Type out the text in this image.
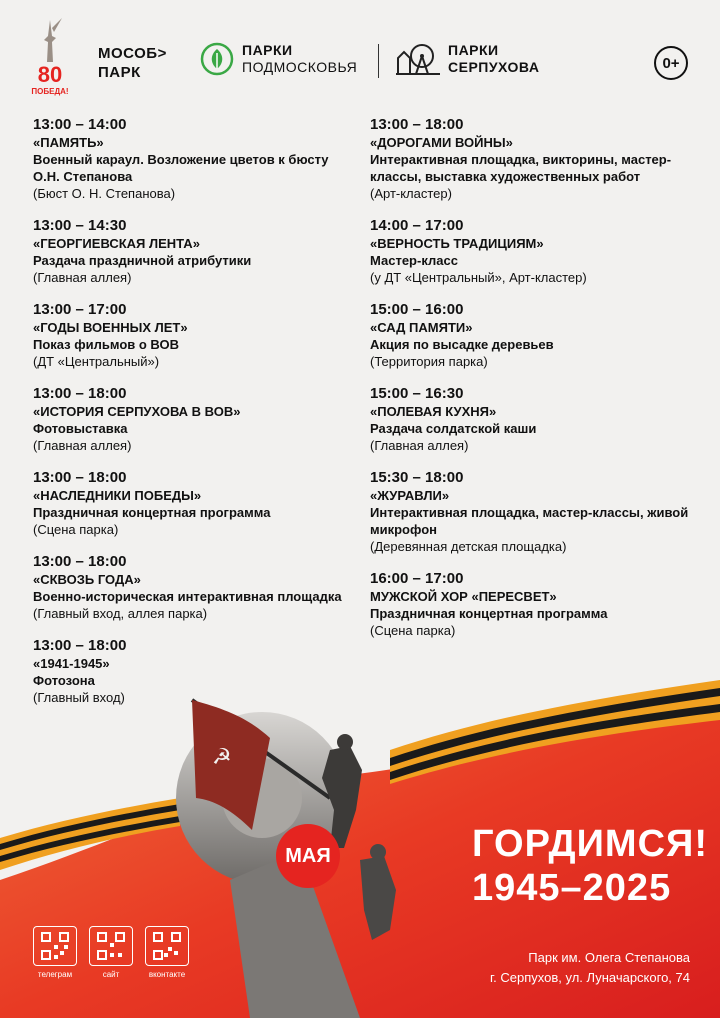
80
ПОБЕДА!
МОСОБ>
ПАРК
ПАРКИ
ПОДМОСКОВЬЯ
ПАРКИ
СЕРПУХОВА	0+
13:00 – 14:00
«ПАМЯТЬ»
Военный караул. Возложение цветов к бюсту О.Н. Степанова
(Бюст О. Н. Степанова)
13:00 – 14:30
«ГЕОРГИЕВСКАЯ ЛЕНТА»
Раздача праздничной атрибутики
(Главная аллея)
13:00 – 17:00
«ГОДЫ ВОЕННЫХ ЛЕТ»
Показ фильмов о ВОВ
(ДТ «Центральный»)
13:00 – 18:00
«ИСТОРИЯ СЕРПУХОВА В ВОВ»
Фотовыставка
(Главная аллея)
13:00 – 18:00
«НАСЛЕДНИКИ ПОБЕДЫ»
Праздничная концертная программа
(Сцена парка)
13:00 – 18:00
«СКВОЗЬ ГОДА»
Военно-историческая интерактивная площадка
(Главный вход, аллея парка)
13:00 – 18:00
«1941-1945»
Фотозона
(Главный вход)
13:00 – 18:00
«ДОРОГАМИ ВОЙНЫ»
Интерактивная площадка, викторины, мастер-классы, выставка художественных работ
(Арт-кластер)
14:00 – 17:00
«ВЕРНОСТЬ ТРАДИЦИЯМ»
Мастер-класс
(у ДТ «Центральный», Арт-кластер)
15:00 – 16:00
«САД ПАМЯТИ»
Акция по высадке деревьев
(Территория парка)
15:00 – 16:30
«ПОЛЕВАЯ КУХНЯ»
Раздача солдатской каши
(Главная аллея)
15:30 – 18:00
«ЖУРАВЛИ»
Интерактивная площадка, мастер-классы, живой микрофон
(Деревянная детская площадка)
16:00 – 17:00
МУЖСКОЙ ХОР «ПЕРЕСВЕТ»
Праздничная концертная программа
(Сцена парка)
☭
МАЯ	ГОРДИМСЯ!
1945–2025
телеграм	сайт	вконтакте
Парк им. Олега Степанова
г. Серпухов, ул. Луначарского, 74
